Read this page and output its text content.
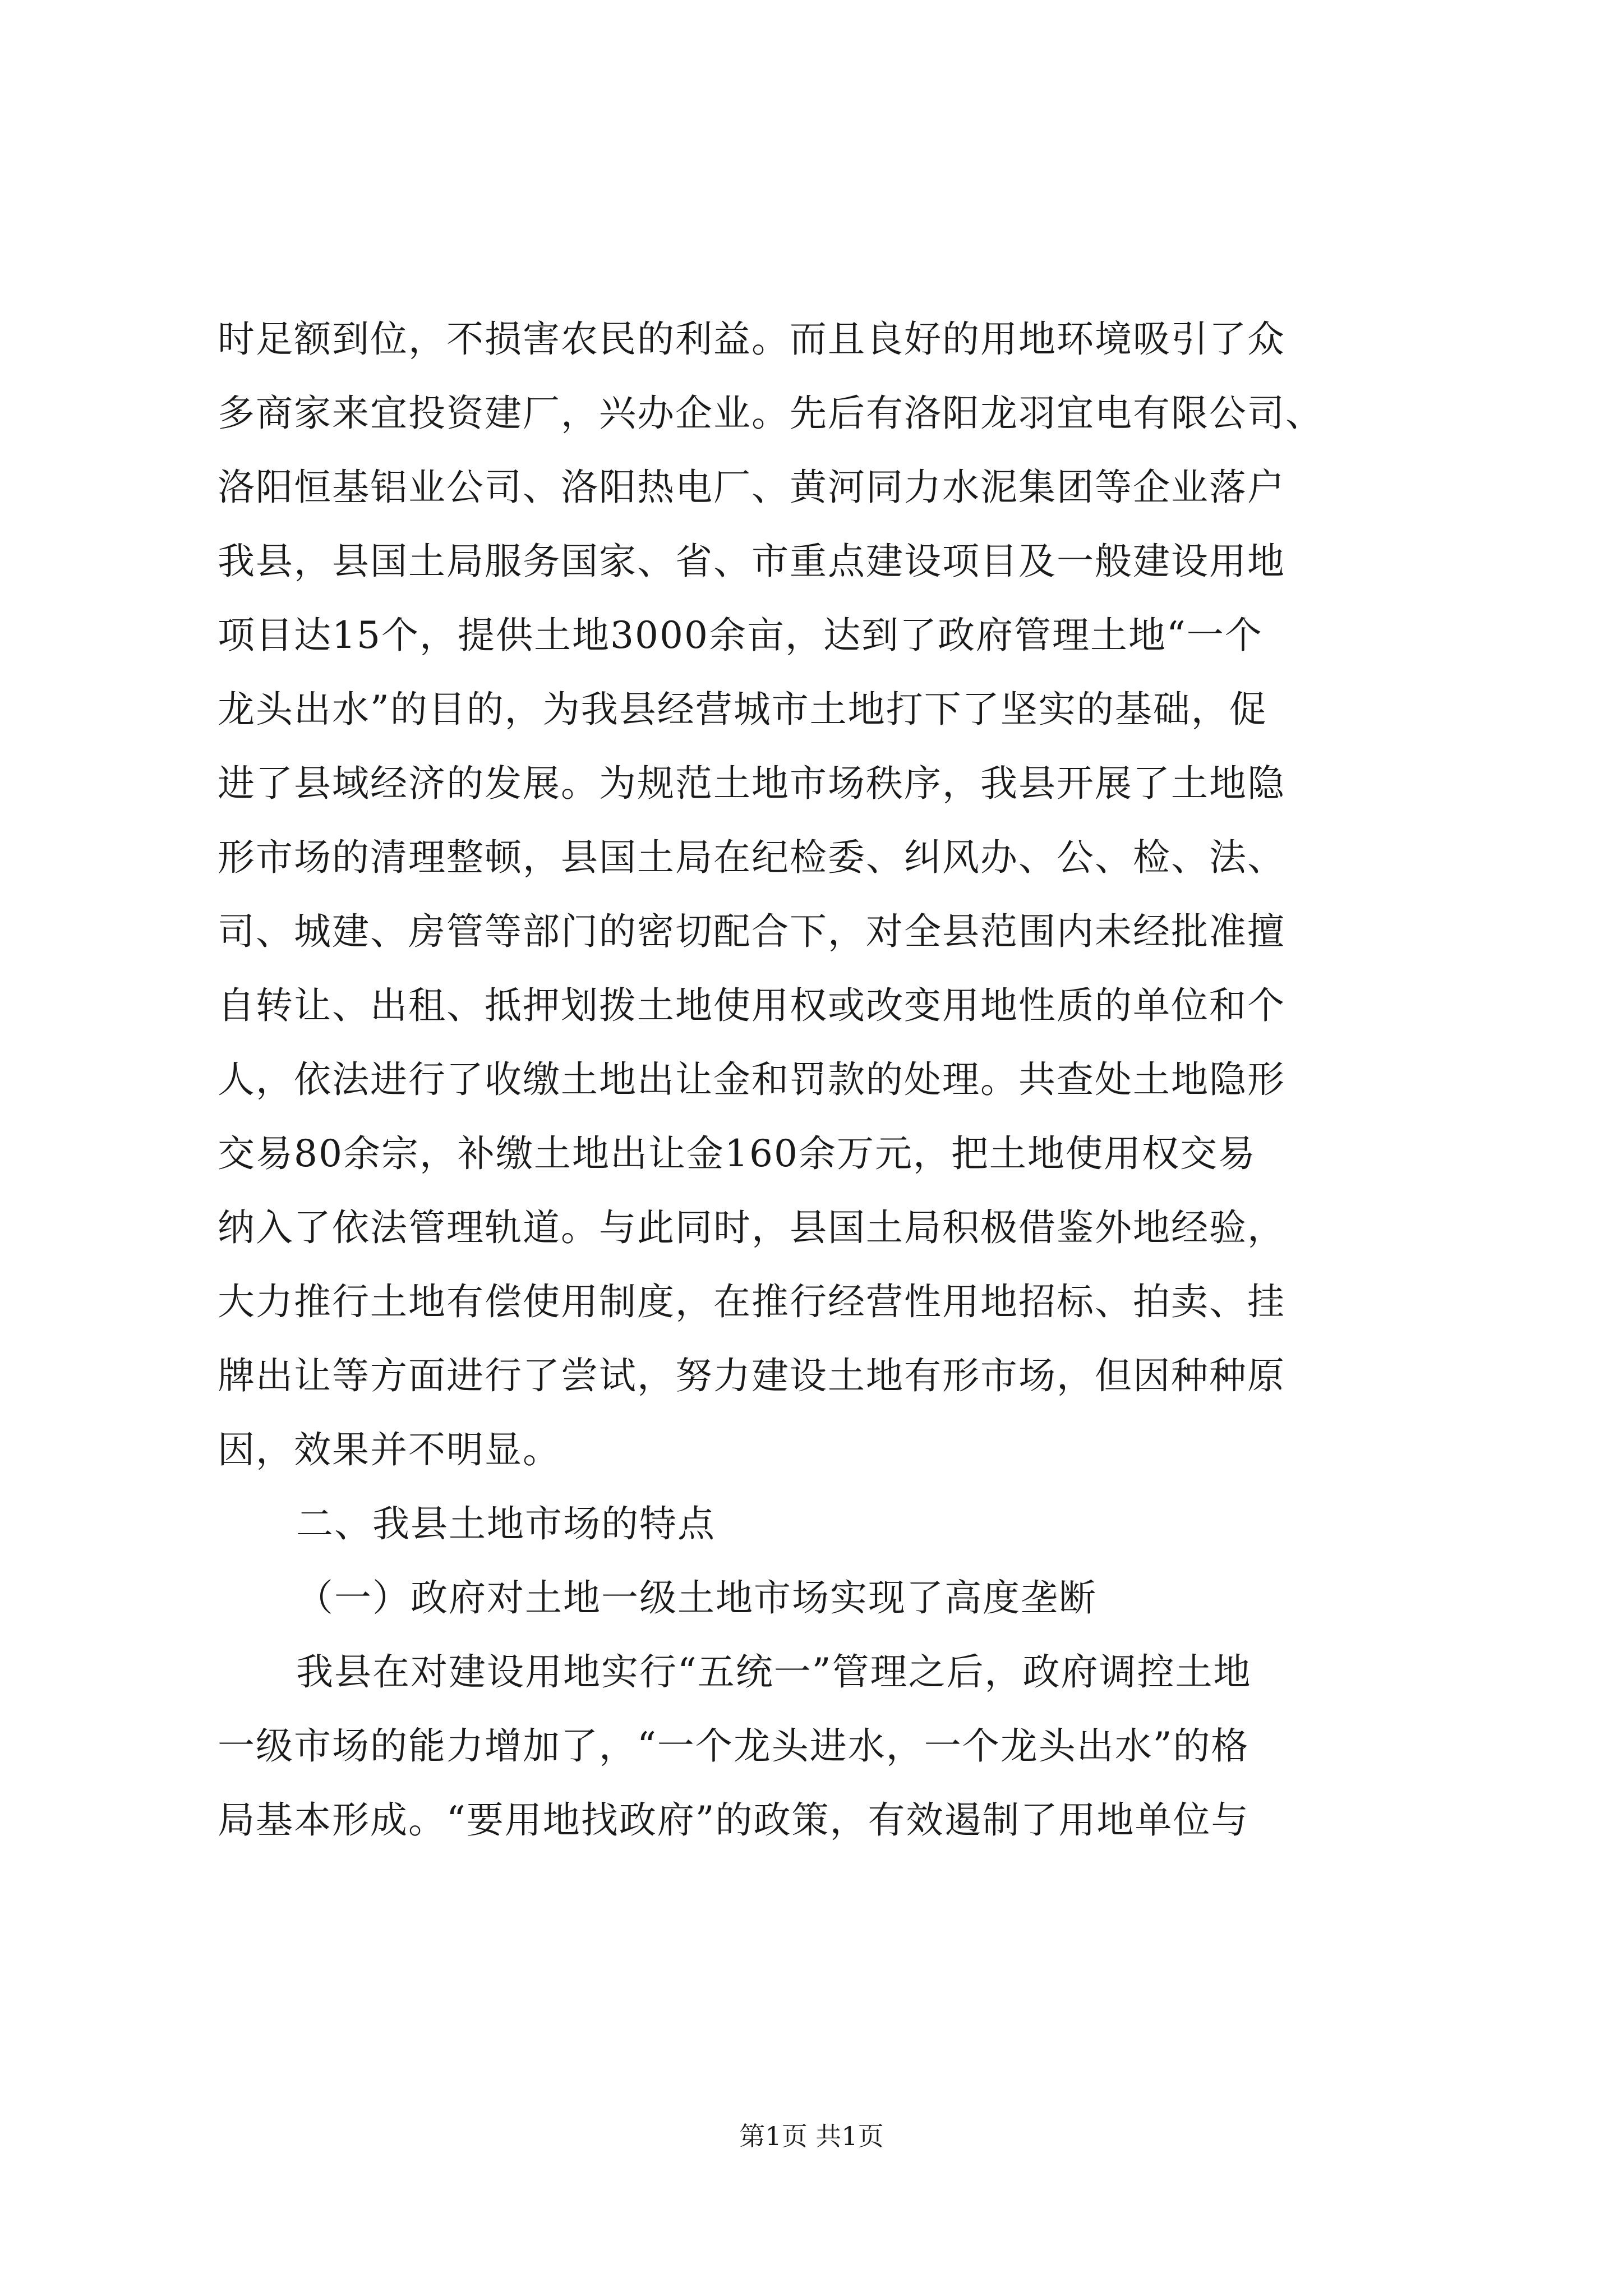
时足额到位，不损害农民的利益。而且良好的用地环境吸引了众
多商家来宜投资建厂，兴办企业。先后有洛阳龙羽宜电有限公司、
洛阳恒基铝业公司、洛阳热电厂、黄河同力水泥集团等企业落户
我县，县国土局服务国家、省、市重点建设项目及一般建设用地
项目达15个，提供土地3000余亩，达到了政府管理土地“一个
龙头出水”的目的，为我县经营城市土地打下了坚实的基础，促
进了县域经济的发展。为规范土地市场秩序，我县开展了土地隐
形市场的清理整顿，县国土局在纪检委、纠风办、公、检、法、
司、城建、房管等部门的密切配合下，对全县范围内未经批准擅
自转让、出租、抵押划拨土地使用权或改变用地性质的单位和个
人，依法进行了收缴土地出让金和罚款的处理。共查处土地隐形
交易80余宗，补缴土地出让金160余万元，把土地使用权交易
纳入了依法管理轨道。与此同时，县国土局积极借鉴外地经验，
大力推行土地有偿使用制度，在推行经营性用地招标、拍卖、挂
牌出让等方面进行了尝试，努力建设土地有形市场，但因种种原
因，效果并不明显。
二、我县土地市场的特点
（一）政府对土地一级土地市场实现了高度垄断
我县在对建设用地实行“五统一”管理之后，政府调控土地
一级市场的能力增加了，“一个龙头进水，一个龙头出水”的格
局基本形成。“要用地找政府”的政策，有效遏制了用地单位与
第1页 共1页
